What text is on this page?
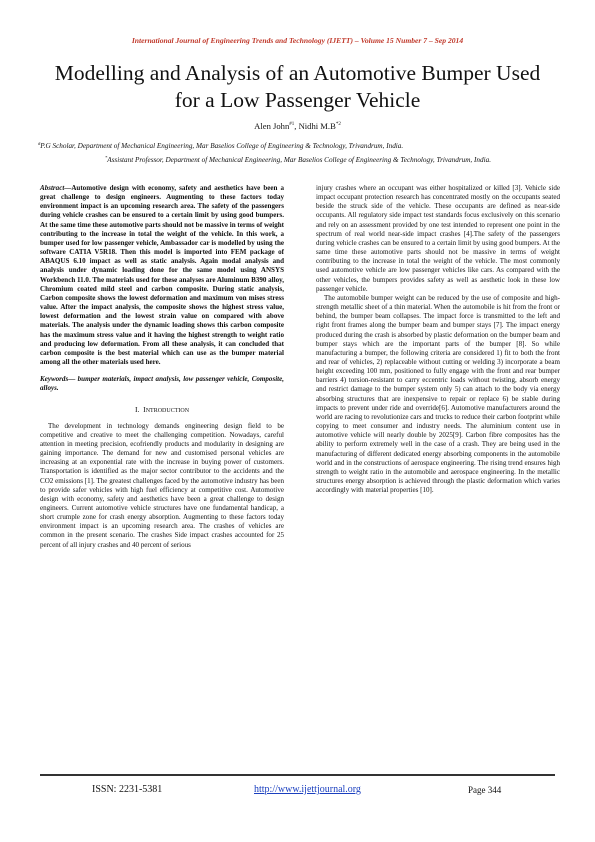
International Journal of Engineering Trends and Technology (IJETT) – Volume 15 Number 7 – Sep 2014
Modelling and Analysis of an Automotive Bumper Used for a Low Passenger Vehicle
Alen John$^{\#1}$, Nidhi $M.B^{*2}$
#P.G Scholar, Department of Mechanical Engineering, Mar Baselios College of Engineering & Technology, Trivandrum, India.
*Assistant Professor, Department of Mechanical Engineering, Mar Baselios College of Engineering & Technology, Trivandrum, India.

Abstract—Automotive design with economy, safety and aesthetics have been a great challenge to design engineers. Augmenting to these factors today environment impact is an upcoming research area. The safety of the passengers during vehicle crashes can be ensured to a certain limit by using good bumpers. At the same time these automotive parts should not be massive in terms of weight contributing to the increase in total the weight of the vehicle. In this work, a bumper used for low passenger vehicle, Ambassador car is modelled by using the software CATIA V5R18. Then this model is imported into FEM package of ABAQUS 6.10 impact as well as static analysis. Again modal analysis and analysis under dynamic loading done for the same model using ANSYS Workbench 11.0. The materials used for these analyses are Aluminum B390 alloy, Chromium coated mild steel and carbon composite. During static analysis, Carbon composite shows the lowest deformation and maximum von mises stress value. After the impact analysis, the composite shows the highest stress value, lowest deformation and the lowest strain value on compared with above materials. The analysis under the dynamic loading shows this carbon composite has the maximum stress value and it having the highest strength to weight ratio and producing low deformation. From all these analysis, it can concluded that carbon composite is the best material which can use as the bumper material among all the other materials used here.

Keywords— bumper materials, impact analysis, low passenger vehicle, Composite, alloys.

I. INTRODUCTION

The development in technology demands engineering design field to be competitive and creative to meet the challenging competition. Nowadays, careful attention in meeting precision, ecofriendly products and modularity in designing are gaining importance. The demand for new and customised personal vehicles are increasing at an exponential rate with the increase in buying power of customers. Transportation is identified as the major sector contributor to the accidents and the CO2 emissions [1]. The greatest challenges faced by the automotive industry has been to provide safer vehicles with high fuel efficiency at competitive cost. Automotive design with economy, safety and aesthetics have been a great challenge to design engineers. Current automotive vehicle structures have one fundamental handicap, a short crumple zone for crash energy absorption. Augmenting to these factors today environment impact is an upcoming research area. The crashes of vehicles are common in the present scenario. The crashes Side impact crashes accounted for 25 percent of all injury crashes and 40 percent of serious

injury crashes where an occupant was either hospitalized or killed [3]. Vehicle side impact occupant protection research has concentrated mostly on the occupants seated beside the struck side of the vehicle. These occupants are defined as near-side occupants. All regulatory side impact test standards focus exclusively on this scenario and rely on an assessment provided by one test intended to represent one point in the spectrum of real world near-side impact crashes [4].The safety of the passengers during vehicle crashes can be ensured to a certain limit by using good bumpers. At the same time these automotive parts should not be massive in terms of weight contributing to the increase in total the weight of the vehicle. The most commonly used automotive vehicle are low passenger vehicles like cars. As compared with the other vehicles, the bumpers provides safety as well as aesthetic look in these low passenger vehicle.

The automobile bumper weight can be reduced by the use of composite and high- strength metallic sheet of a thin material. When the automobile is hit from the front or behind, the bumper beam collapses. The impact force is transmitted to the left and right front frames along the bumper beam and bumper stays [7]. The impact energy produced during the crash is absorbed by plastic deformation on the bumper beam and bumper stays which are the important parts of the bumper [8]. So while manufacturing a bumper, the following criteria are considered 1) fit to both the front and rear of vehicles, 2) replaceable without cutting or welding 3) incorporate a beam height exceeding 100 mm, positioned to fully engage with the front and rear bumper barriers 4) torsion-resistant to carry eccentric loads without twisting, absorb energy and restrict damage to the bumper system only 5) can attach to the body via energy absorbing structures that are inexpensive to repair or replace 6) be stable during impacts to prevent under ride and override[6]. Automotive manufacturers around the world are racing to revolutionize cars and trucks to reduce their carbon footprint while copying to meet consumer and industry needs. The aluminium content use in automotive vehicle will nearly double by 2025[9]. Carbon fibre composites has the ability to perform extremely well in the case of a crash. They are being used in the manufacturing of different dedicated energy absorbing components in the automobile world and in the constructions of aerospace engineering. The rising trend ensures high strength to weight ratio in the automobile and aerospace engineering. In the metallic structures energy absorption is achieved through the plastic deformation which varies accordingly with material properties [10].

ISSN: 2231-5381	http://www.ijettjournal.org	Page 344
